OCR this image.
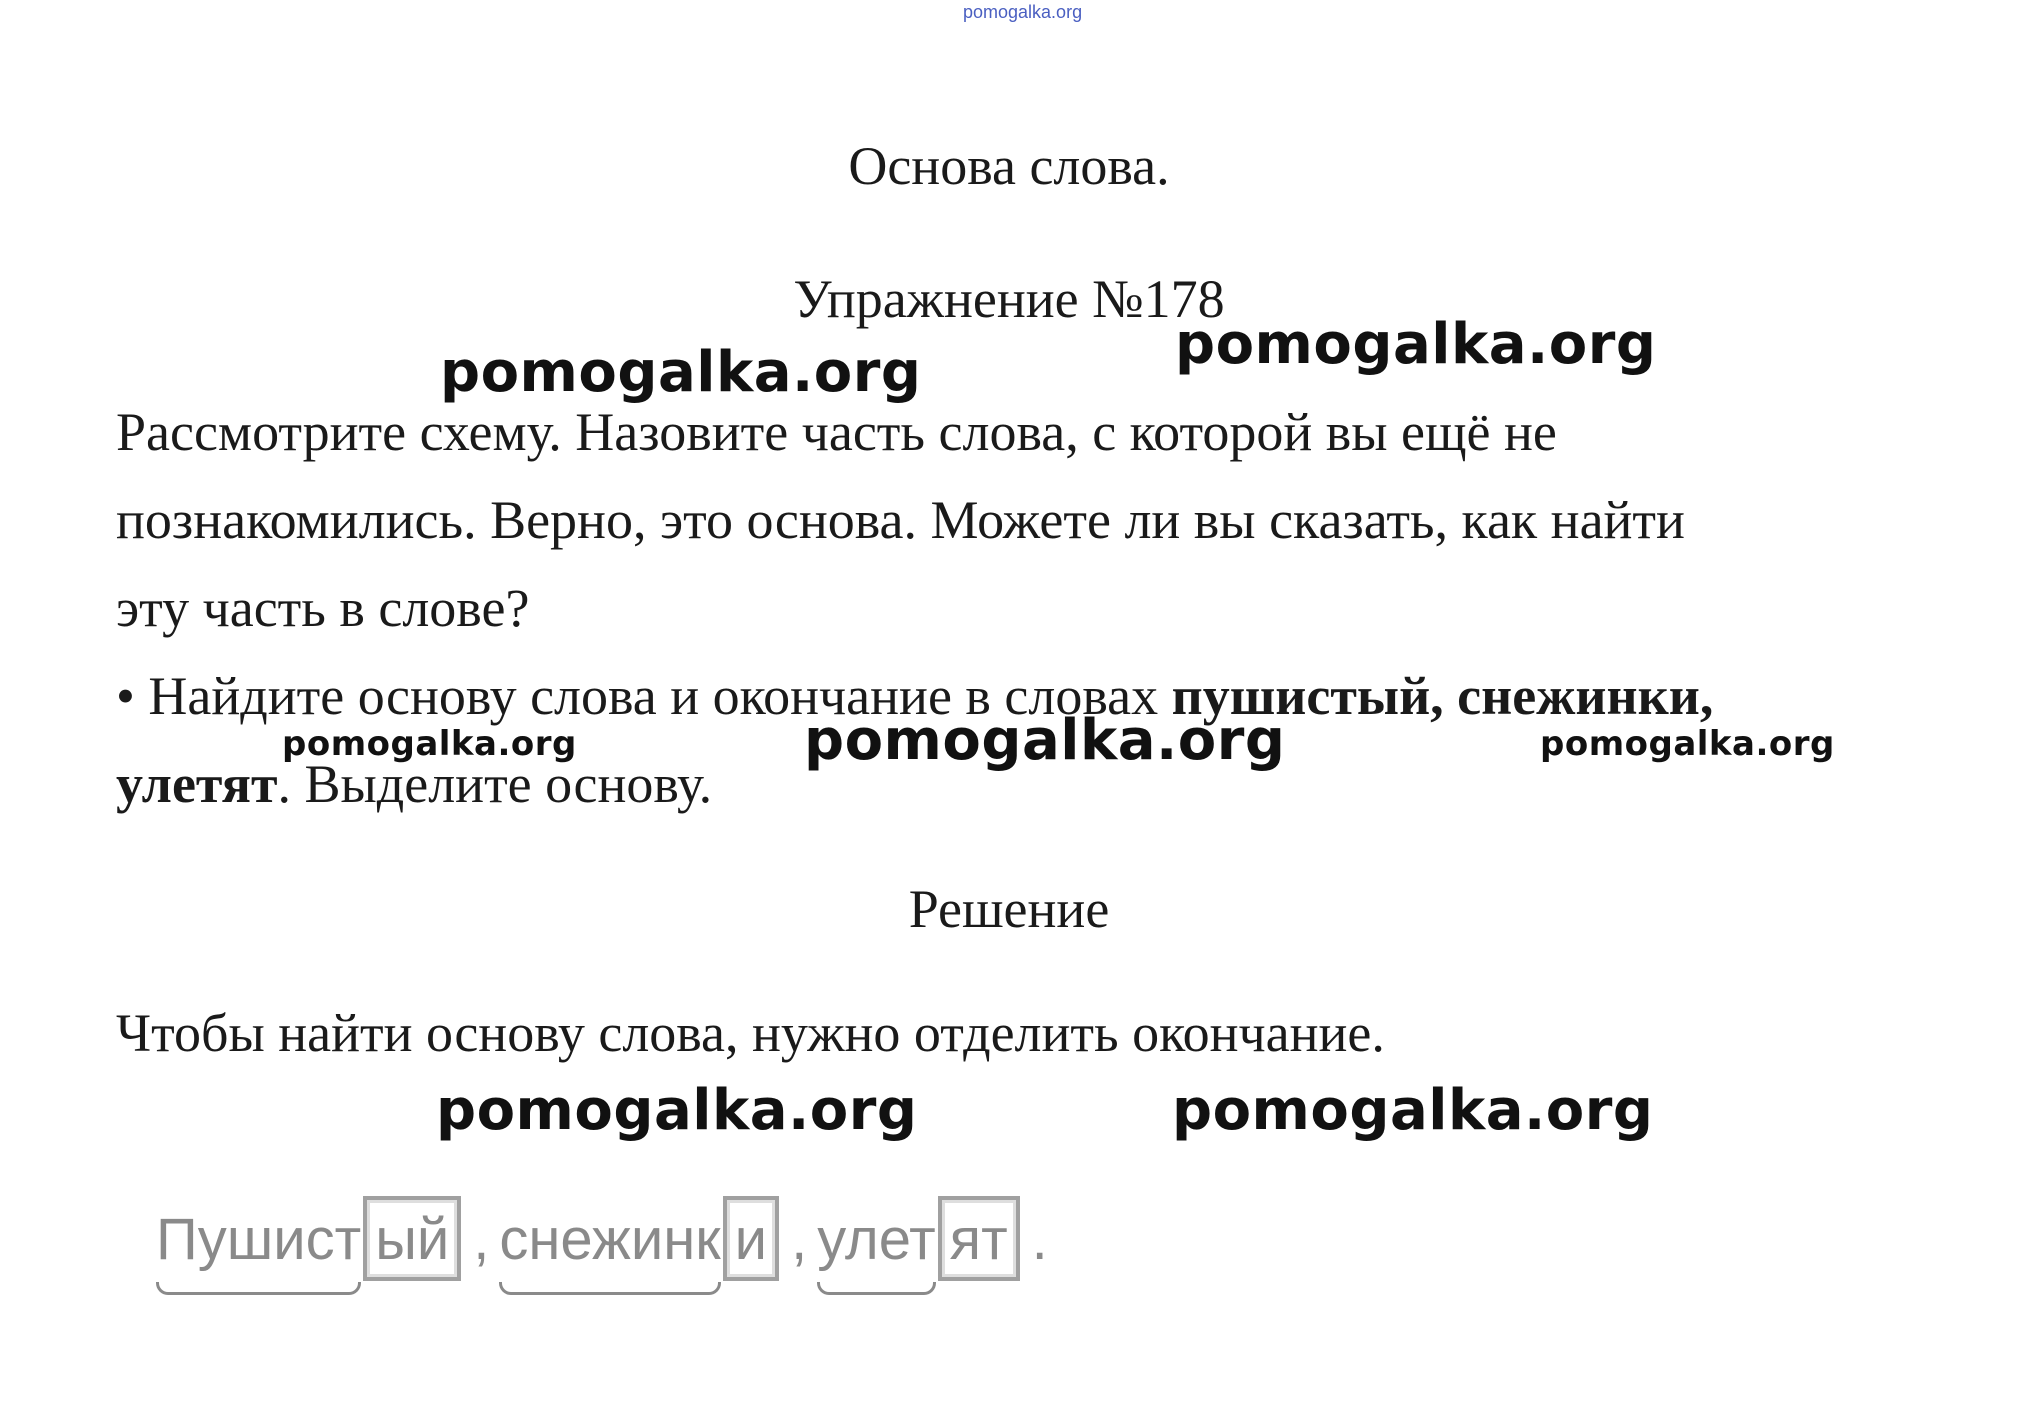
pomogalka.org
Основа слова.
Упражнение №178
Рассмотрите схему. Назовите часть слова, с которой вы ещё не
познакомились. Верно, это основа. Можете ли вы сказать, как найти
эту часть в слове?
• Найдите основу слова и окончание в словах пушистый, снежинки,
улетят. Выделите основу.
Решение
Чтобы найти основу слова, нужно отделить окончание.
Пушист ый , снежинк и , улет ят .
pomogalka.org	pomogalka.org
pomogalka.org	pomogalka.org	pomogalka.org
pomogalka.org	pomogalka.org
